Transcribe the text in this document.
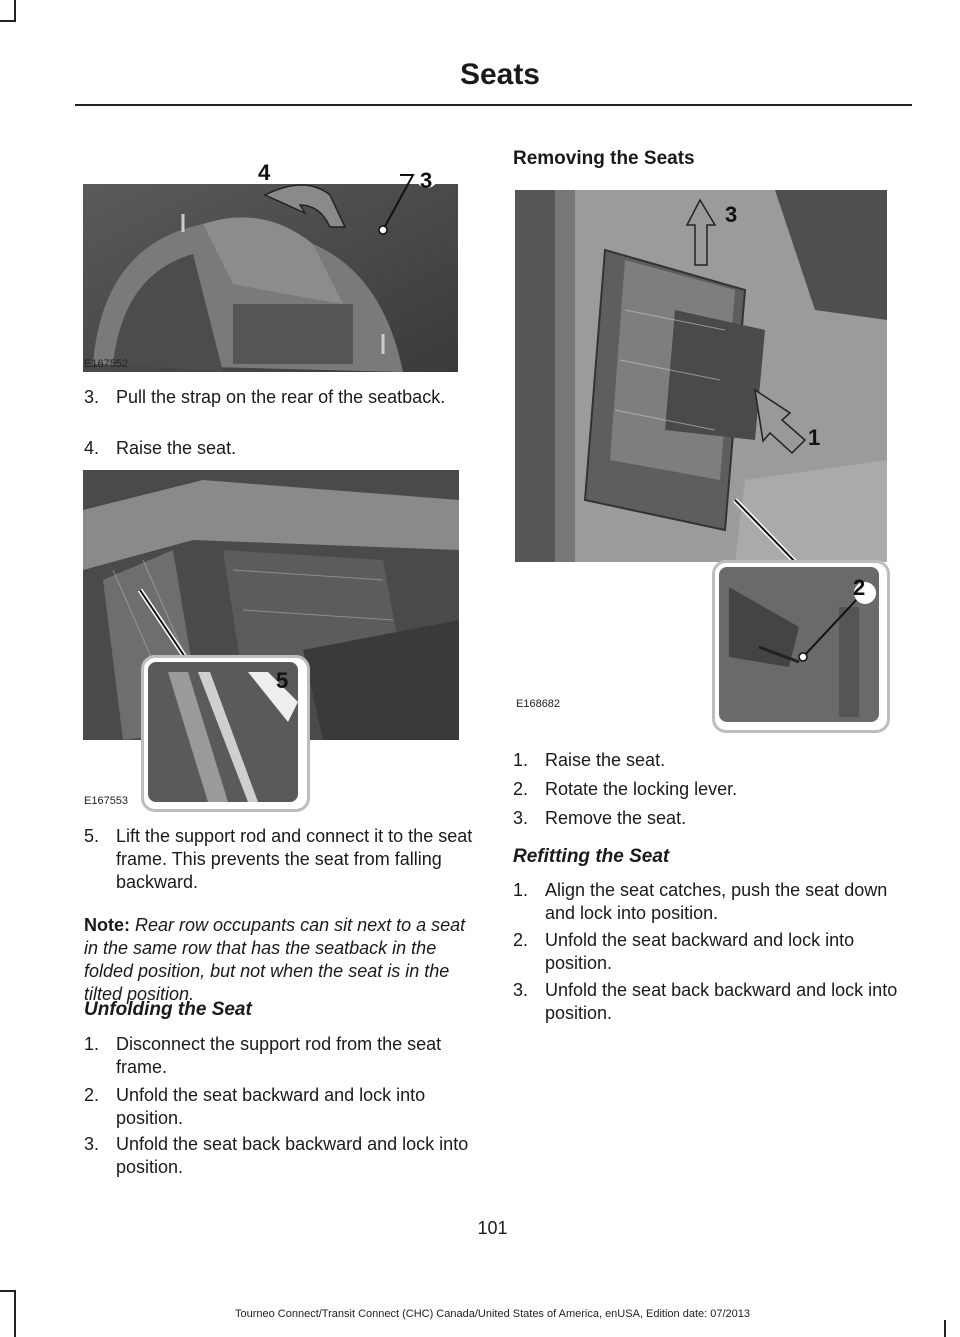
Seats
E167552
4	3
3. Pull the strap on the rear of the seatback.
4. Raise the seat.
5
E167553
5. Lift the support rod and connect it to the seat frame. This prevents the seat from falling backward.
Note: Rear row occupants can sit next to a seat in the same row that has the seatback in the folded position, but not when the seat is in the tilted position.
Unfolding the Seat
1. Disconnect the support rod from the seat frame.
2. Unfold the seat backward and lock into position.
3. Unfold the seat back backward and lock into position.
Removing the Seats
3
1
2
E168682
1. Raise the seat.
2. Rotate the locking lever.
3. Remove the seat.
Refitting the Seat
1. Align the seat catches, push the seat down and lock into position.
2. Unfold the seat backward and lock into position.
3. Unfold the seat back backward and lock into position.
101
Tourneo Connect/Transit Connect (CHC) Canada/United States of America, enUSA, Edition date: 07/2013
